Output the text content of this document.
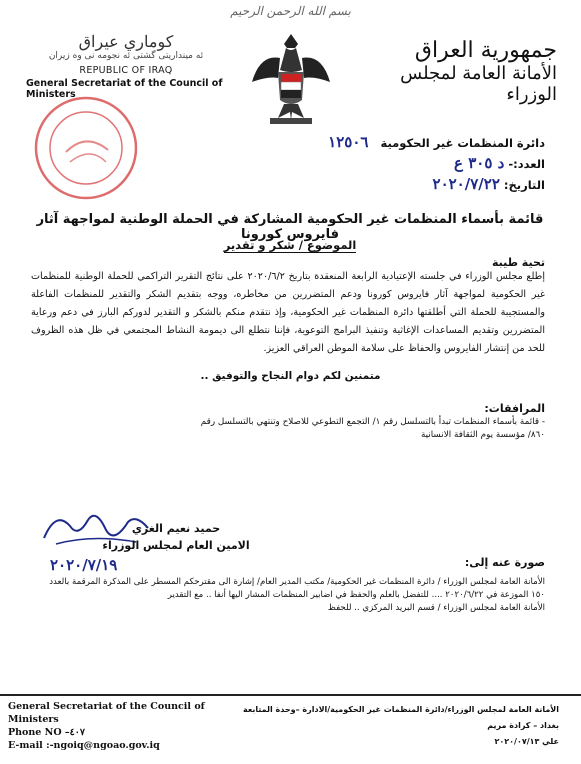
بسم الله الرحمن الرحيم
كوماري عيراق
ئه مينداريتى گشتى ئه نجومه نى وه زيران
REPUBLIC OF IRAQ
General Secretariat of the Council of Ministers
جمهورية العراق
الأمانة العامة لمجلس الوزراء
دائرة المنظمات غير الحكومية   ١٢٥٠٦
العدد:- د ٣٠٥ ع
التاريخ: ٢٠٢٠/٧/٢٢
قائمة بأسماء المنظمات غير الحكومية المشاركة في الحملة الوطنية لمواجهة آثار فايروس كورونا
الموضوع / شكر و تقدير
تحية طيبة
إطلع مجلس الوزراء في جلسته الإعتيادية الرابعة المنعقدة بتاريخ ٢٠٢٠/٦/٢ على نتائج التقرير التراكمي للحملة الوطنية للمنظمات غير الحكومية لمواجهة آثار فايروس كورونا ودعم المتضررين من مخاطره، ووجه بتقديم الشكر والتقدير للمنظمات الفاعلة والمستجيبة للحملة التي أطلقتها دائرة المنظمات غير الحكومية، وإذ نتقدم منكم بالشكر و التقدير لدوركم البارز في دعم ورعاية المتضررين وتقديم المساعدات الإغاثية وتنفيذ البرامج التوعوية، فإننا نتطلع الى ديمومة النشاط المجتمعي في ظل هذه الظروف للحد من إنتشار الفايروس والحفاظ على سلامة الموطن العراقي العزيز.
متمنين لكم دوام النجاح والتوفيق ..
المرافقات:
- قائمة بأسماء المنظمات تبدأ بالتسلسل رقم ١/ التجمع التطوعي للاصلاح وتنتهي بالتسلسل رقم
٨٦٠/ مؤسسة يوم الثقافة الانسانية
حميد نعيم الغزي
الامين العام لمجلس الوزراء
٢٠٢٠/٧/١٩	صورة عنه إلى:
الأمانة العامة لمجلس الوزراء / دائرة المنظمات غير الحكومية/ مكتب المدير العام/ إشارة الى مقترحكم المسطر على المذكرة المرقمة بالعدد
١٥٠ الموزعة في ٢٠٢٠/٦/٢٢ .... للتفضل بالعلم والحفظ في اضابير المنظمات المشار اليها أنفا .. مع التقدير
الأمانة العامة لمجلس الوزراء / قسم البريد المركزي .. للحفظ
General Secretariat of the Council of
Ministers
Phone NO –٤٠٧
E-mail :-ngoiq@ngoao.gov.iq
الأمانة العامة لمجلس الوزراء/دائرة المنظمات غير الحكومية/الادارة –وحدة المتابعة
بغداد – كرادة مريم
علي ٢٠٢٠/٠٧/١٣
